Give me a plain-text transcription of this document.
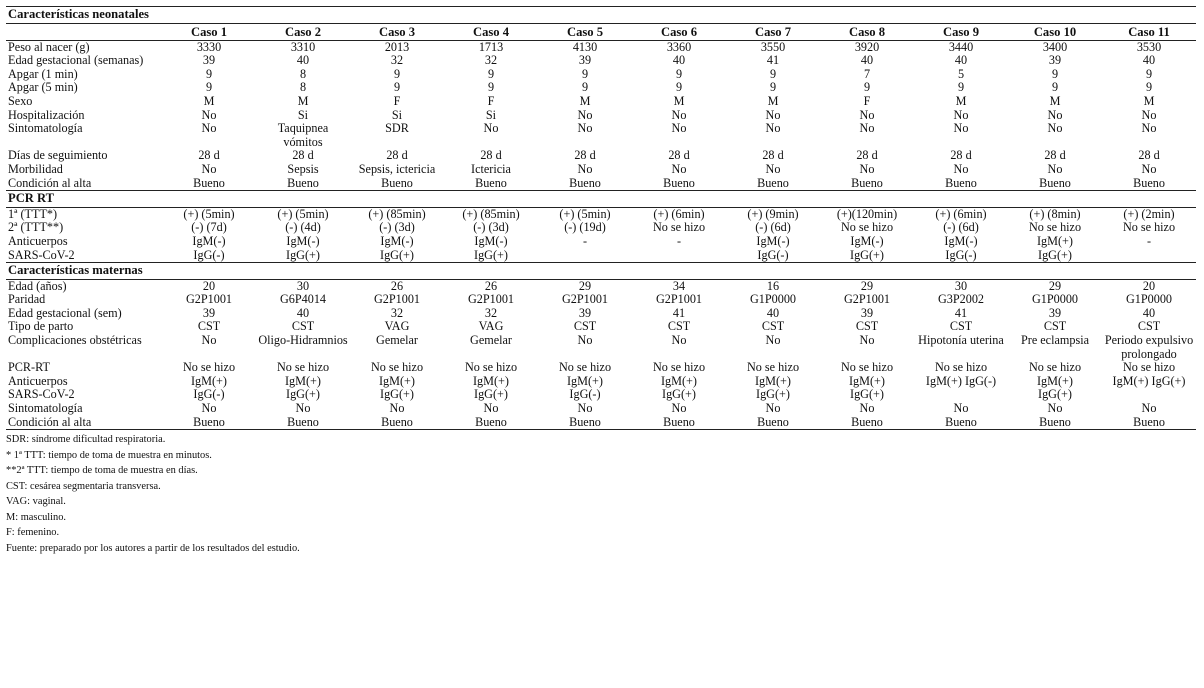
Características neonatales											
	Caso 1	Caso 2	Caso 3	Caso 4	Caso 5	Caso 6	Caso 7	Caso 8	Caso 9	Caso 10	Caso 11
Peso al nacer (g)	3330	3310	2013	1713	4130	3360	3550	3920	3440	3400	3530
Edad gestacional (semanas)	39	40	32	32	39	40	41	40	40	39	40
Apgar (1 min)	9	8	9	9	9	9	9	7	5	9	9
Apgar (5 min)	9	8	9	9	9	9	9	9	9	9	9
Sexo	M	M	F	F	M	M	M	F	M	M	M
Hospitalización	No	Si	Si	Si	No	No	No	No	No	No	No
Sintomatología	No	Taquipnea vómitos	SDR	No	No	No	No	No	No	No	No
Días de seguimiento	28 d	28 d	28 d	28 d	28 d	28 d	28 d	28 d	28 d	28 d	28 d
Morbilidad	No	Sepsis	Sepsis, ictericia	Ictericia	No	No	No	No	No	No	No
Condición al alta	Bueno	Bueno	Bueno	Bueno	Bueno	Bueno	Bueno	Bueno	Bueno	Bueno	Bueno
PCR RT											
1ª (TTT*)	(+) (5min)	(+) (5min)	(+) (85min)	(+) (85min)	(+) (5min)	(+) (6min)	(+) (9min)	(+)(120min)	(+) (6min)	(+) (8min)	(+) (2min)
2ª (TTT**)	(-) (7d)	(-) (4d)	(-) (3d)	(-) (3d)	(-) (19d)	No se hizo	(-) (6d)	No se hizo	(-) (6d)	No se hizo	No se hizo
Anticuerpos	IgM(-)	IgM(-)	IgM(-)	IgM(-)	-	-	IgM(-)	IgM(-)	IgM(-)	IgM(+)	-
SARS-CoV-2	IgG(-)	IgG(+)	IgG(+)	IgG(+)			IgG(-)	IgG(+)	IgG(-)	IgG(+)	
Características maternas											
Edad (años)	20	30	26	26	29	34	16	29	30	29	20
Paridad	G2P1001	G6P4014	G2P1001	G2P1001	G2P1001	G2P1001	G1P0000	G2P1001	G3P2002	G1P0000	G1P0000
Edad gestacional (sem)	39	40	32	32	39	41	40	39	41	39	40
Tipo de parto	CST	CST	VAG	VAG	CST	CST	CST	CST	CST	CST	CST
Complicaciones obstétricas	No	Oligo-Hidramnios	Gemelar	Gemelar	No	No	No	No	Hipotonía uterina	Pre eclampsia	Periodo expulsivo prolongado
PCR-RT	No se hizo	No se hizo	No se hizo	No se hizo	No se hizo	No se hizo	No se hizo	No se hizo	No se hizo	No se hizo	No se hizo
Anticuerpos	IgM(+)	IgM(+)	IgM(+)	IgM(+)	IgM(+)	IgM(+)	IgM(+)	IgM(+)	IgM(+) IgG(-)	IgM(+)	IgM(+) IgG(+)
SARS-CoV-2	IgG(-)	IgG(+)	IgG(+)	IgG(+)	IgG(-)	IgG(+)	IgG(+)	IgG(+)		IgG(+)	
Sintomatología	No	No	No	No	No	No	No	No	No	No	No
Condición al alta	Bueno	Bueno	Bueno	Bueno	Bueno	Bueno	Bueno	Bueno	Bueno	Bueno	Bueno
SDR: síndrome dificultad respiratoria.
* 1ª TTT: tiempo de toma de muestra en minutos.
**2ª TTT: tiempo de toma de muestra en días.
CST: cesárea segmentaria transversa.
VAG: vaginal.
M: masculino.
F: femenino.
Fuente: preparado por los autores a partir de los resultados del estudio.
